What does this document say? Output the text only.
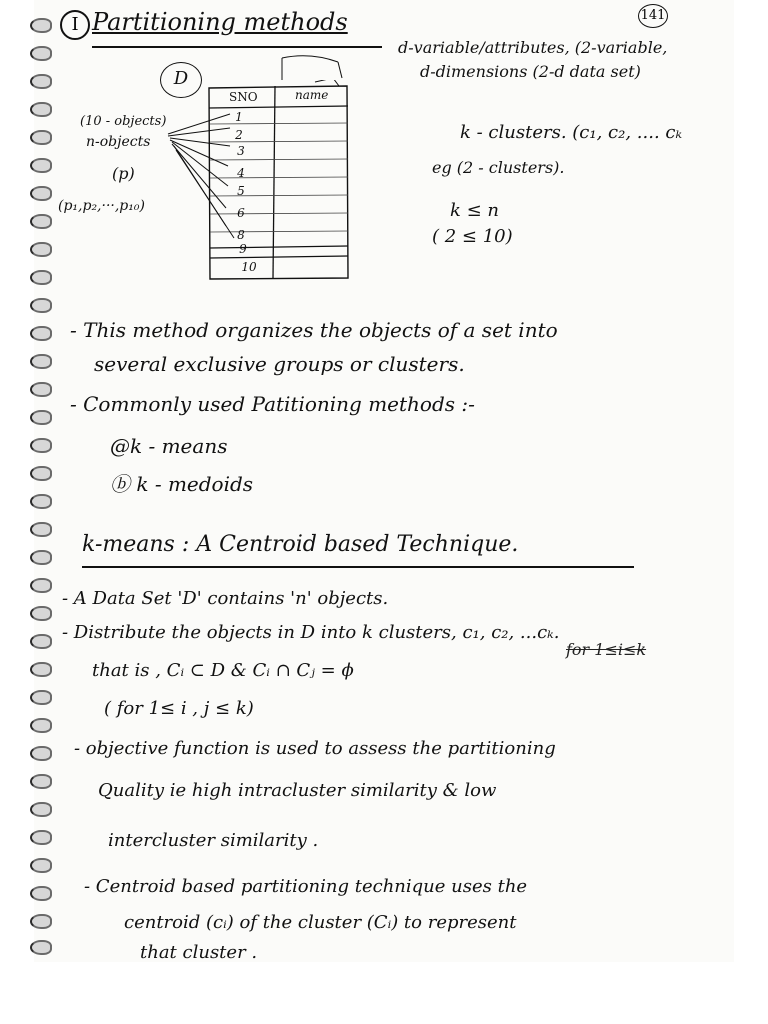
I Partitioning methods	141
d-variable/attributes, (2-variable,
d-dimensions (2-d data set)
k - clusters. (c₁, c₂, .... cₖ
eg (2 - clusters).
k ≤ n
( 2 ≤ 10)
D
(10 - objects)
n-objects
(p)
(p₁,p₂,···,p₁₀)
SNO	name
1
2
3
4
5
6
8
9
10
- This method organizes the objects of a set into
several exclusive groups or clusters.
- Commonly used Patitioning methods :-
@k - means
ⓑ k - medoids
k-means : A Centroid based Technique.
- A Data Set 'D' contains 'n' objects.
- Distribute the objects in D into k clusters, c₁, c₂, ...cₖ.
that is , Cᵢ ⊂ D & Cᵢ ∩ Cⱼ = ϕ
for 1≤i≤k
( for 1≤ i , j ≤ k)
- objective function is used to assess the partitioning
Quality ie high intracluster similarity & low
intercluster similarity .
- Centroid based partitioning technique uses the
centroid (cᵢ) of the cluster (Cᵢ) to represent
that cluster .
